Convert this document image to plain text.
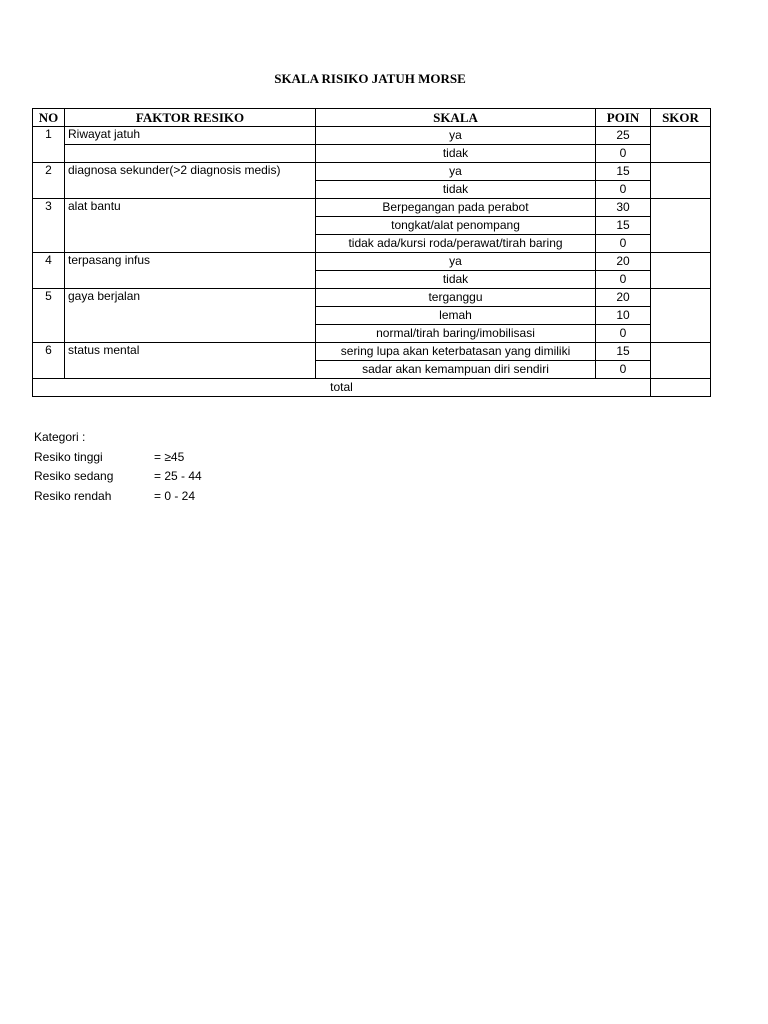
SKALA RISIKO JATUH MORSE
NO	FAKTOR RESIKO	SKALA	POIN	SKOR
1	Riwayat jatuh	ya	25	
		tidak	0	
2	diagnosa sekunder(>2 diagnosis medis)	ya	15	
		tidak	0	
3	alat bantu	Berpegangan pada perabot	30	
		tongkat/alat penompang	15	
		tidak ada/kursi roda/perawat/tirah baring	0	
4	terpasang infus	ya	20	
		tidak	0	
5	gaya berjalan	terganggu	20	
		lemah	10	
		normal/tirah baring/imobilisasi	0	
6	status mental	sering lupa akan keterbatasan yang dimiliki	15	
		sadar akan kemampuan diri sendiri	0	
total				
Kategori :
Resiko tinggi	= ≥45
Resiko sedang	= 25 - 44
Resiko rendah	= 0 - 24
